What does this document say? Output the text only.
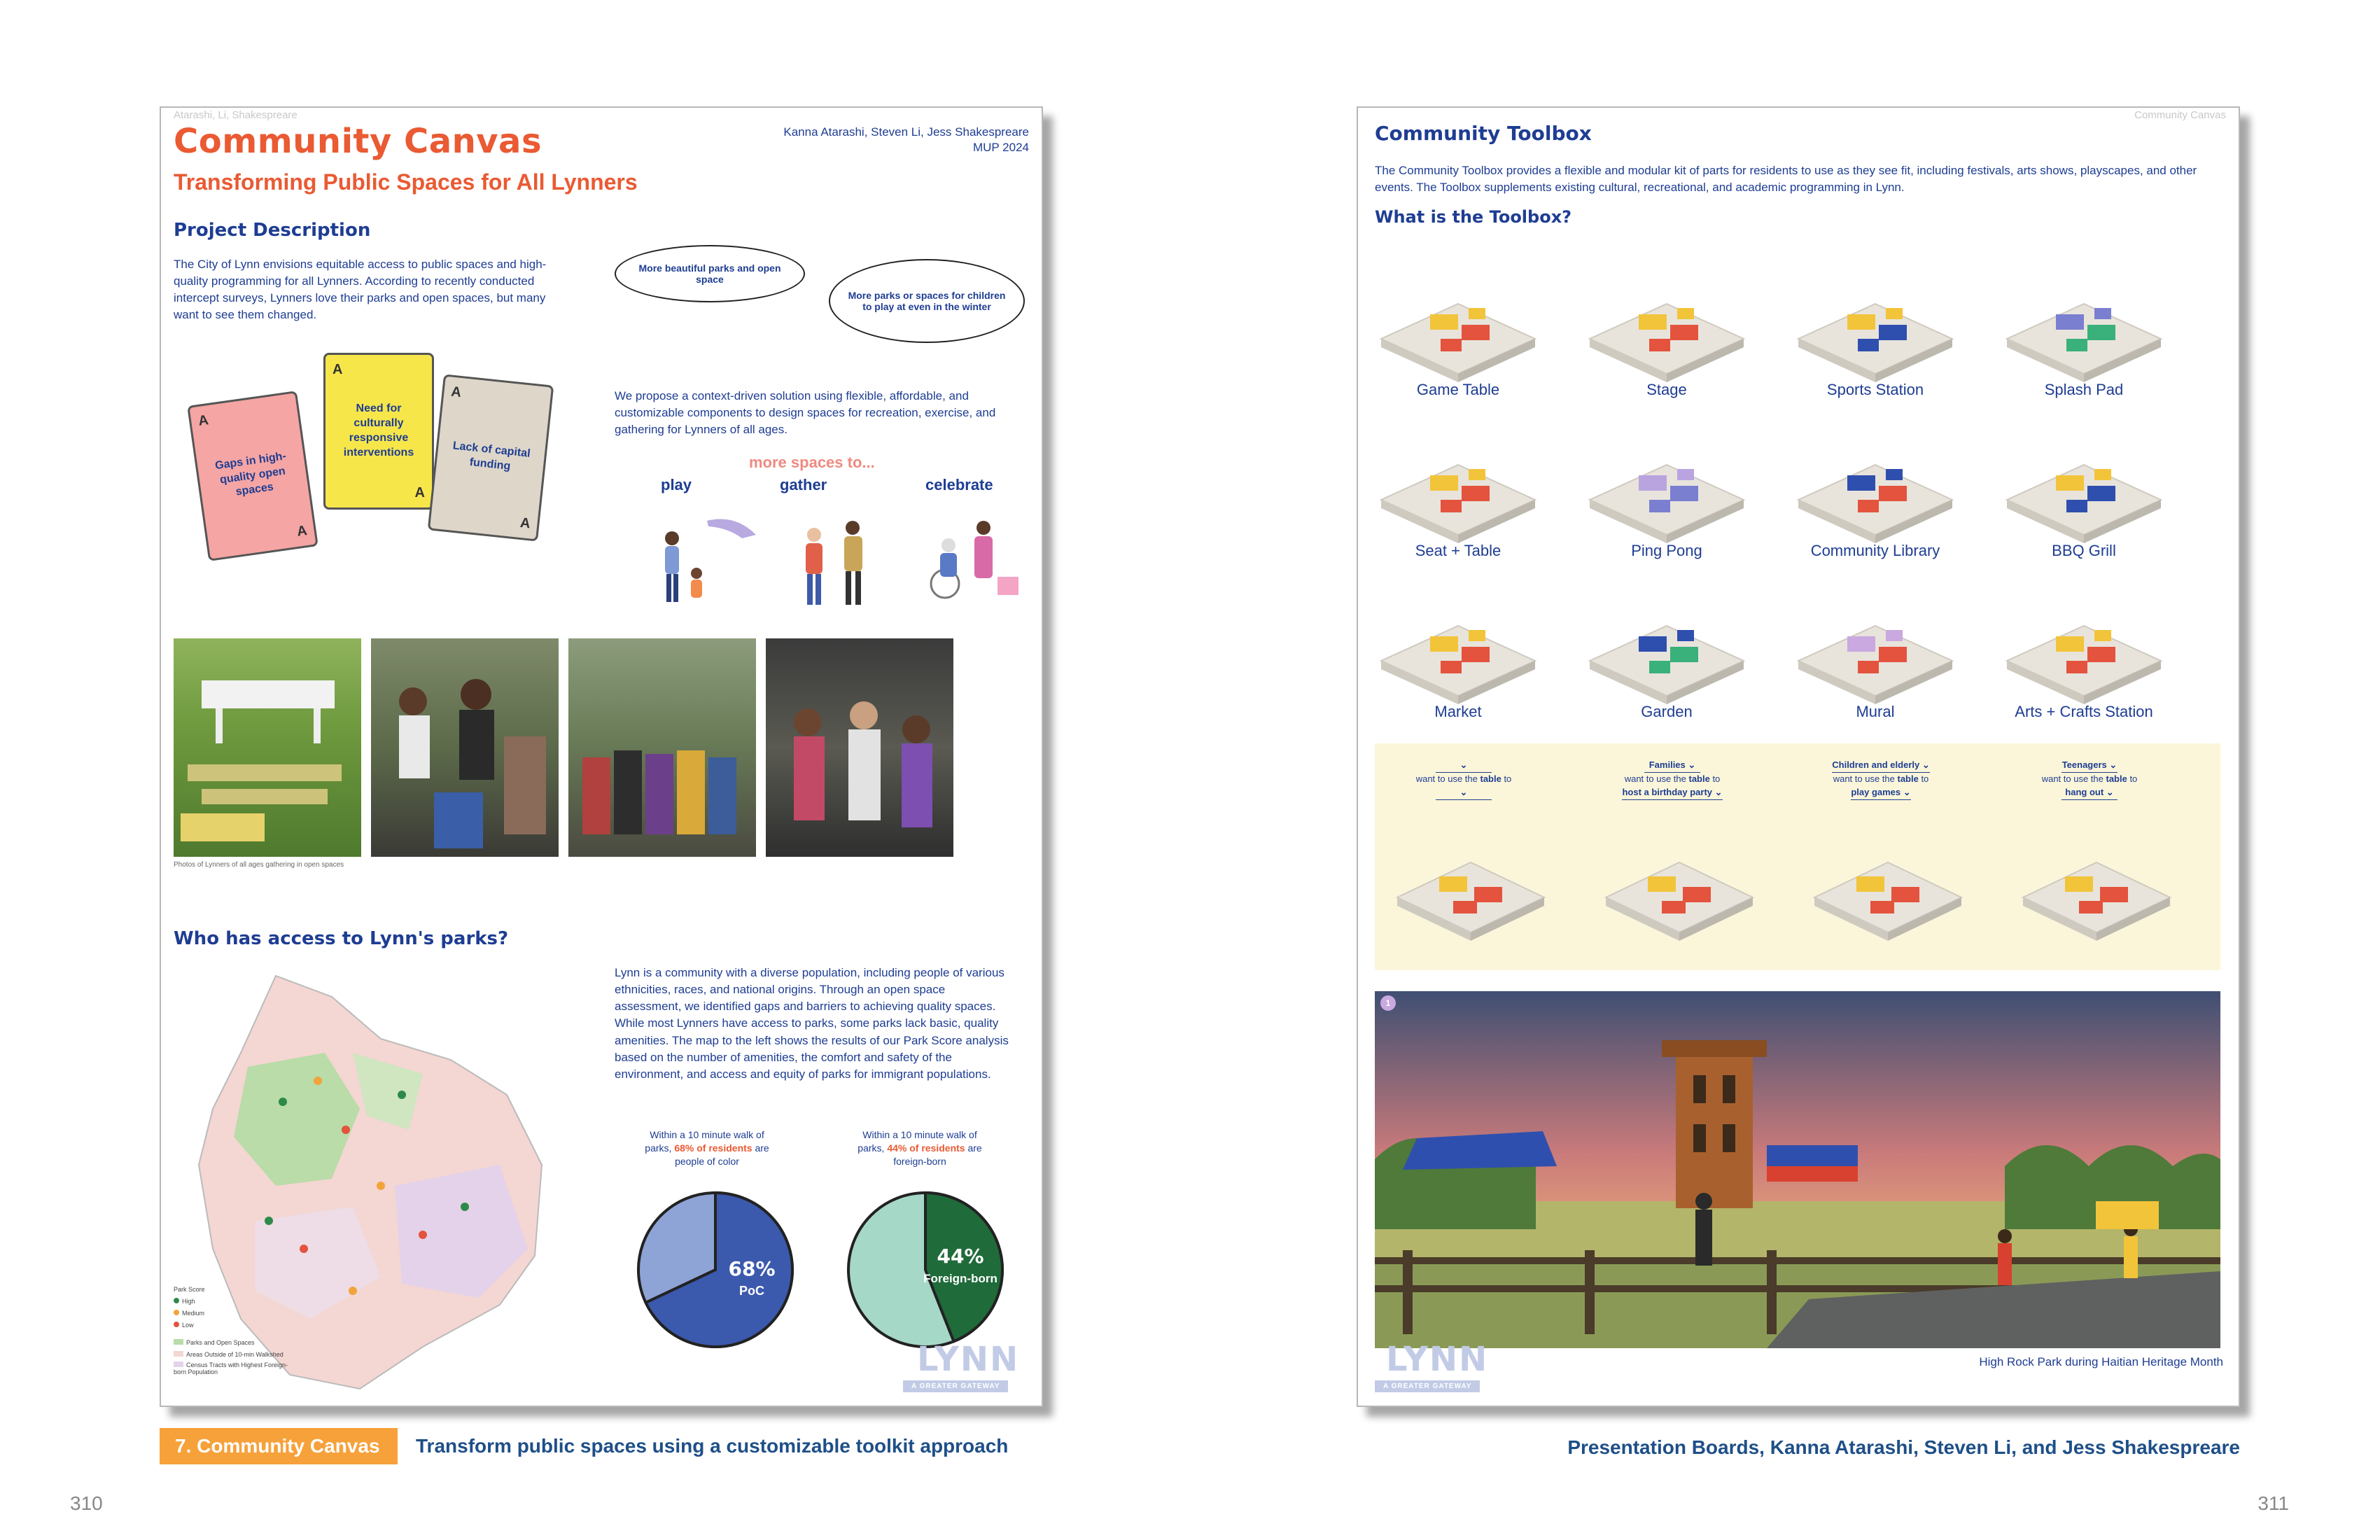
Atarashi, Li, Shakespreare
Community Canvas
Transforming Public Spaces for All Lynners
Kanna Atarashi, Steven Li, Jess Shakespreare
MUP 2024
Project Description
The City of Lynn envisions equitable access to public spaces and high-quality programming for all Lynners. According to recently conducted intercept surveys, Lynners love their parks and open spaces, but many want to see them changed.
More beautiful parks and open space
More parks or spaces for children to play at even in the winter
A
Gaps in high-quality open spaces
A
A
Need for culturally responsive interventions
A
A
Lack of capital funding
A
We propose a context-driven solution using flexible, affordable, and customizable components to design spaces for recreation, exercise, and gathering for Lynners of all ages.
more spaces to...
play	gather	celebrate
Photos of Lynners of all ages gathering in open spaces
Who has access to Lynn's parks?
Lynn is a community with a diverse population, including people of various ethnicities, races, and national origins. Through an open space assessment, we identified gaps and barriers to achieving quality spaces. While most Lynners have access to parks, some parks lack basic, quality amenities. The map to the left shows the results of our Park Score analysis based on the number of amenities, the comfort and safety of the environment, and access and equity of parks for immigrant populations.
Park Score
High
Medium
Low
Parks and Open Spaces
Areas Outside of 10-min Walkshed
Census Tracts with Highest Foreign-born Population
Within a 10 minute walk of parks, 68% of residents are people of color
Within a 10 minute walk of parks, 44% of residents are foreign-born
68%
PoC
44%
Foreign-born
LYNN
A GREATER GATEWAY
Community Toolbox
Community Canvas
The Community Toolbox provides a flexible and modular kit of parts for residents to use as they see fit, including festivals, arts shows, playscapes, and other events. The Toolbox supplements existing cultural, recreational, and academic programming in Lynn.
What is the Toolbox?
Game Table	Stage	Sports Station	Splash Pad
Seat + Table	Ping Pong	Community Library	BBQ Grill
Market	Garden	Mural	Arts + Crafts Station
⌄
want to use the table to
⌄
Families ⌄
want to use the table to
host a birthday party ⌄
Children and elderly ⌄
want to use the table to
play games ⌄
Teenagers ⌄
want to use the table to
hang out ⌄
1
High Rock Park during Haitian Heritage Month
LYNN
A GREATER GATEWAY
7. Community Canvas	Transform public spaces using a customizable toolkit approach	Presentation Boards, Kanna Atarashi, Steven Li, and Jess Shakespreare
310	311
